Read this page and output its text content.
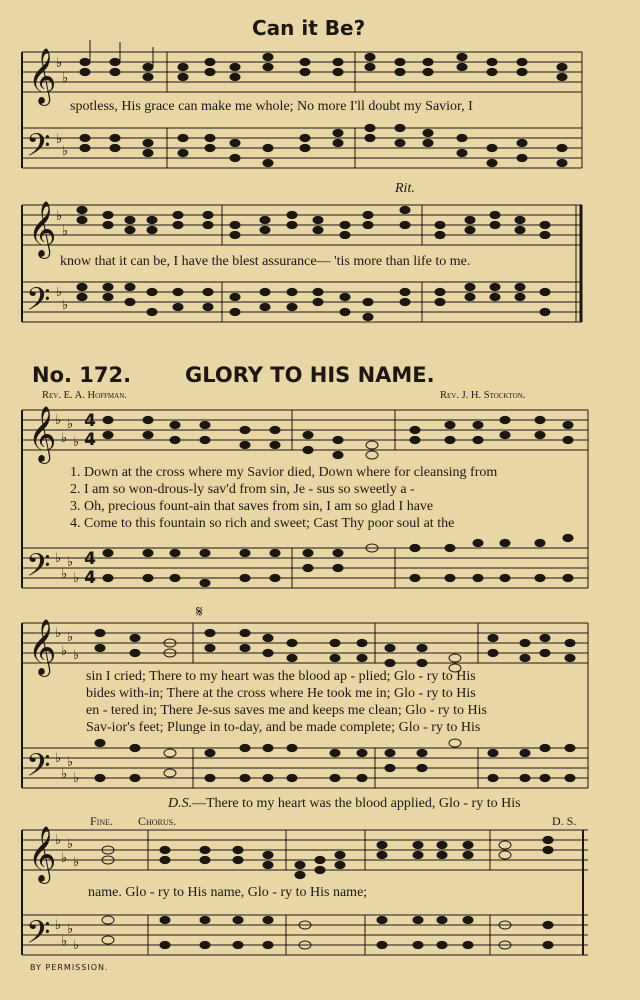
Can it Be?
𝄞
𝄢
𝄞
𝄢
𝄞
𝄢
𝄞
𝄢
𝄞
𝄢
♭
♭
♭
♭
♭
♭
♭
♭
♭
♭
♭
♭
♭
♭
♭
♭
♭
♭
♭
♭
♭
♭
♭
♭
♭
♭
♭
♭
♭
♭
♭
♭
4
4
4
4
spotless, His grace can make me whole; No more I'll doubt my Savior, I
Rit.
know that it can be, I have the blest assurance— 'tis more than life to me.
No. 172.	GLORY TO HIS NAME.
Rev. E. A. Hoffman.	Rev. J. H. Stockton.
1. Down at the cross where my Savior died, Down where for cleansing from
2. I am so won-drous-ly sav'd from sin, Je - sus so sweetly a -
3. Oh, precious fount-ain that saves from sin, I am so glad I have
4. Come to this fountain so rich and sweet; Cast Thy poor soul at the
𝄋
sin I cried; There to my heart was the blood ap - plied; Glo - ry to His
bides with-in; There at the cross where He took me in; Glo - ry to His
en - tered in; There Je-sus saves me and keeps me clean; Glo - ry to His
Sav-ior's feet; Plunge in to-day, and be made complete; Glo - ry to His
D.S. —There to my heart was the blood applied, Glo - ry to His
Fine. Chorus.	D. S.
name. Glo - ry to His name, Glo - ry to His name;
BY PERMISSION.
